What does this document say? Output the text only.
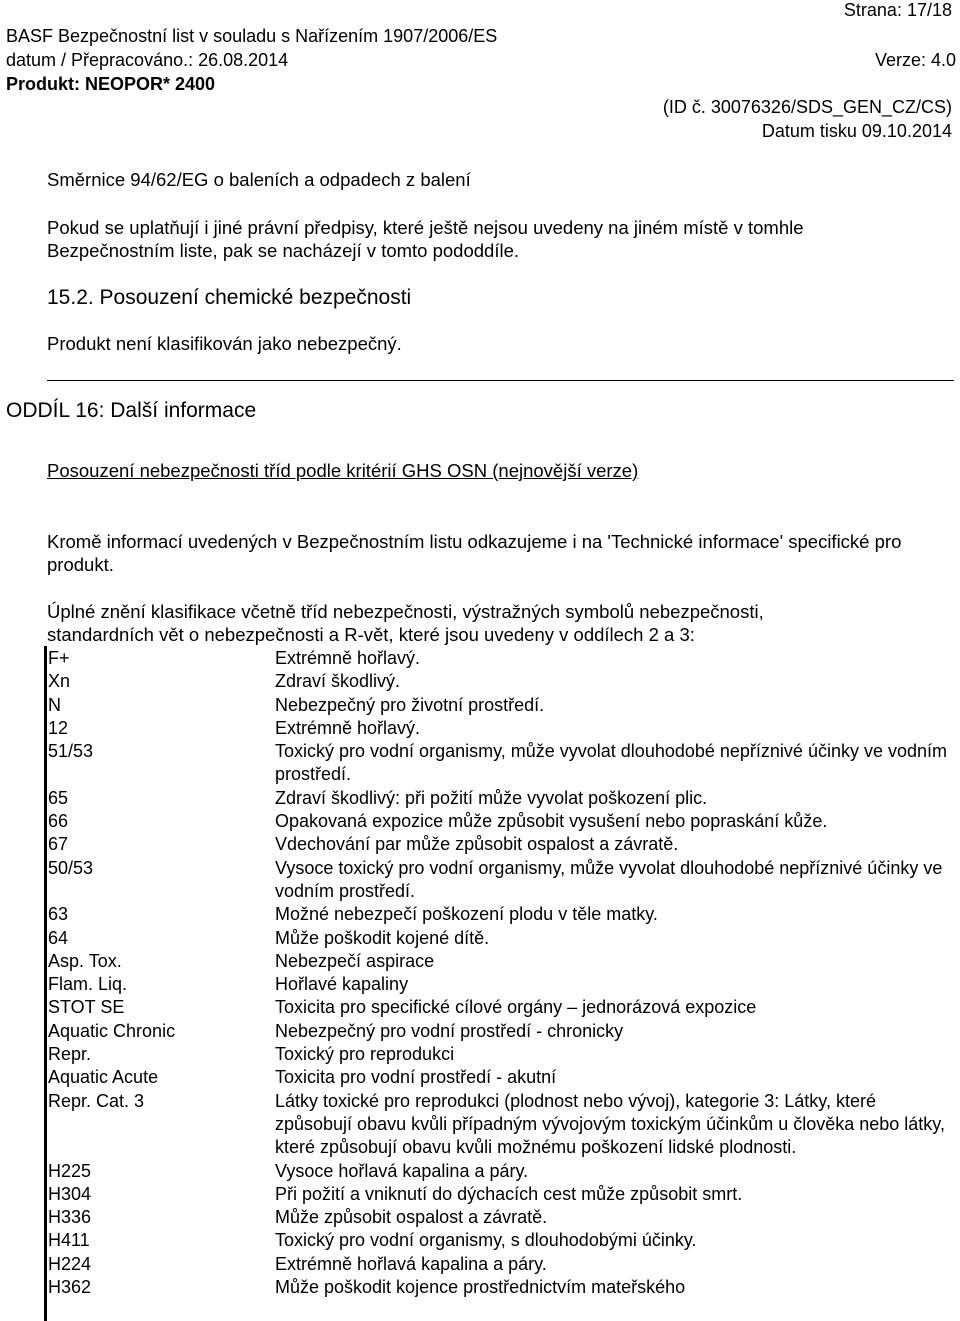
Strana: 17/18
BASF Bezpečnostní list v souladu s Nařízením 1907/2006/ES
datum / Přepracováno.: 26.08.2014	Verze: 4.0
Produkt: NEOPOR* 2400
(ID č. 30076326/SDS_GEN_CZ/CS)
Datum tisku 09.10.2014
Směrnice 94/62/EG o baleních a odpadech z balení
Pokud se uplatňují i jiné právní předpisy, které ještě nejsou uvedeny na jiném místě v tomhle Bezpečnostním liste, pak se nacházejí v tomto pododdíle.
15.2. Posouzení chemické bezpečnosti
Produkt není klasifikován jako nebezpečný.
ODDÍL 16: Další informace
Posouzení nebezpečnosti tříd podle kritérií GHS OSN (nejnovější verze)
Kromě informací uvedených v Bezpečnostním listu odkazujeme i na 'Technické informace' specifické pro produkt.
Úplné znění klasifikace včetně tříd nebezpečnosti, výstražných symbolů nebezpečnosti, standardních vět o nebezpečnosti a R-vět, které jsou uvedeny v oddílech 2 a 3:
F+	Extrémně hořlavý.
Xn	Zdraví škodlivý.
N	Nebezpečný pro životní prostředí.
12	Extrémně hořlavý.
51/53	Toxický pro vodní organismy, může vyvolat dlouhodobé nepříznivé účinky ve vodním prostředí.
65	Zdraví škodlivý: při požití může vyvolat poškození plic.
66	Opakovaná expozice může způsobit vysušení nebo popraskání kůže.
67	Vdechování par může způsobit ospalost a závratě.
50/53	Vysoce toxický pro vodní organismy, může vyvolat dlouhodobé nepříznivé účinky ve vodním prostředí.
63	Možné nebezpečí poškození plodu v těle matky.
64	Může poškodit kojené dítě.
Asp. Tox.	Nebezpečí aspirace
Flam. Liq.	Hořlavé kapaliny
STOT SE	Toxicita pro specifické cílové orgány – jednorázová expozice
Aquatic Chronic	Nebezpečný pro vodní prostředí - chronicky
Repr.	Toxický pro reprodukci
Aquatic Acute	Toxicita pro vodní prostředí - akutní
Repr. Cat. 3	Látky toxické pro reprodukci (plodnost nebo vývoj), kategorie 3: Látky, které způsobují obavu kvůli případným vývojovým toxickým účinkům u člověka nebo látky, které způsobují obavu kvůli možnému poškození lidské plodnosti.
H225	Vysoce hořlavá kapalina a páry.
H304	Při požití a vniknutí do dýchacích cest může způsobit smrt.
H336	Může způsobit ospalost a závratě.
H411	Toxický pro vodní organismy, s dlouhodobými účinky.
H224	Extrémně hořlavá kapalina a páry.
H362	Může poškodit kojence prostřednictvím mateřského
